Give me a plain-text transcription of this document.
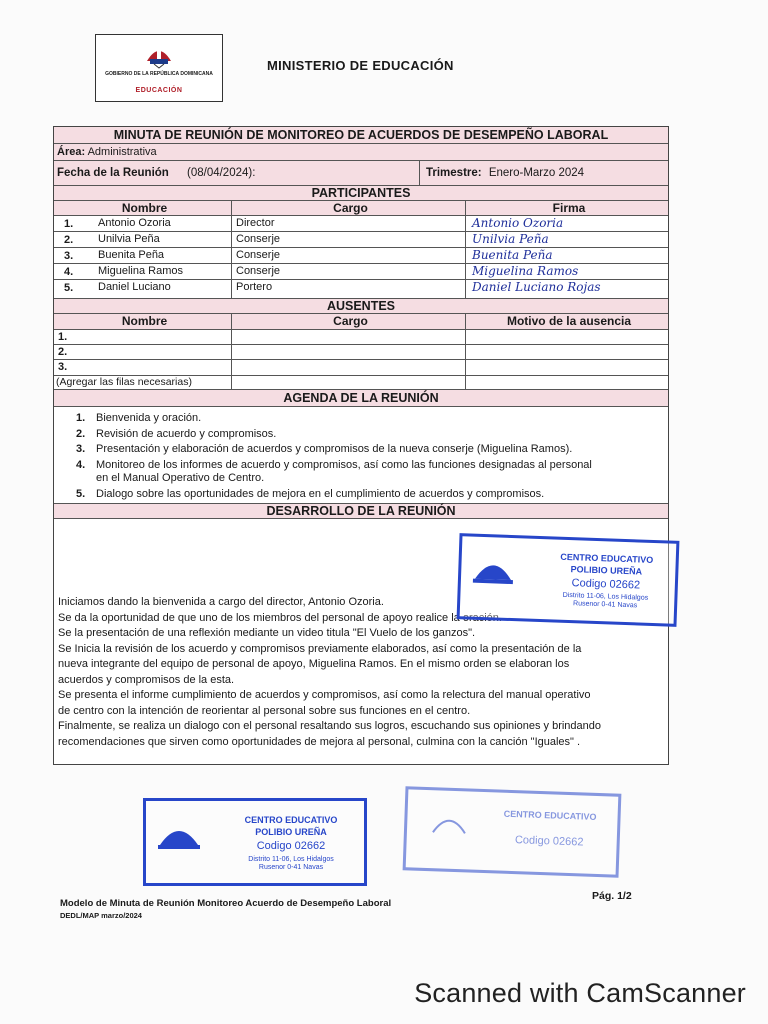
GOBIERNO DE LA REPÚBLICA DOMINICANA
EDUCACIÓN
MINISTERIO DE EDUCACIÓN
MINUTA DE REUNIÓN DE MONITOREO DE ACUERDOS DE DESEMPEÑO LABORAL
Área: Administrativa
Fecha de la Reunión (08/04/2024):	Trimestre: Enero-Marzo 2024
PARTICIPANTES
Nombre	Cargo	Firma
1. Antonio Ozoria	Director	Antonio Ozoria
2. Unilvia Peña	Conserje	Unilvia Peña
3. Buenita Peña	Conserje	Buenita Peña
4. Miguelina Ramos	Conserje	Miguelina Ramos
5. Daniel Luciano	Portero	Daniel Luciano Rojas
AUSENTES
Nombre	Cargo	Motivo de la ausencia
1.
2.
3.
(Agregar las filas necesarias)
AGENDA DE LA REUNIÓN
1. Bienvenida y oración.
2. Revisión de acuerdo y compromisos.
3. Presentación y elaboración de acuerdos y compromisos de la nueva conserje (Miguelina Ramos).
4. Monitoreo de los informes de acuerdo y compromisos, así como las funciones designadas al personal
en el Manual Operativo de Centro.
5. Dialogo sobre las oportunidades de mejora en el cumplimiento de acuerdos y compromisos.
DESARROLLO DE LA REUNIÓN

Iniciamos dando la bienvenida a cargo del director, Antonio Ozoria.

Se da la oportunidad de que uno de los miembros del personal de apoyo realice la oración.

Se la presentación de una reflexión mediante un video titula "El Vuelo de los ganzos".

Se Inicia la revisión de los acuerdo y compromisos previamente elaborados, así como la presentación de la

nueva integrante del equipo de personal de apoyo, Miguelina Ramos. En el mismo orden se elaboran los

acuerdos y compromisos de la esta.

Se presenta el informe cumplimiento de acuerdos y compromisos, así como la relectura del manual operativo

de centro con la intención de reorientar al personal sobre sus funciones en el centro.

Finalmente, se realiza un dialogo con el personal resaltando sus logros, escuchando sus opiniones y brindando

recomendaciones que sirven como oportunidades de mejora al personal, culmina con la canción "Iguales" .

CENTRO EDUCATIVO
POLIBIO UREÑA
Codigo 02662
Distrito 11-06, Los Hidalgos
Rusenor 0-41 Navas
CENTRO EDUCATIVO
POLIBIO UREÑA
Codigo 02662
Distrito 11-06, Los Hidalgos
Rusenor 0-41 Navas
CENTRO EDUCATIVO
Codigo 02662
Pág. 1/2
Modelo de Minuta de Reunión Monitoreo Acuerdo de Desempeño Laboral
DEDL/MAP marzo/2024
Scanned with CamScanner
